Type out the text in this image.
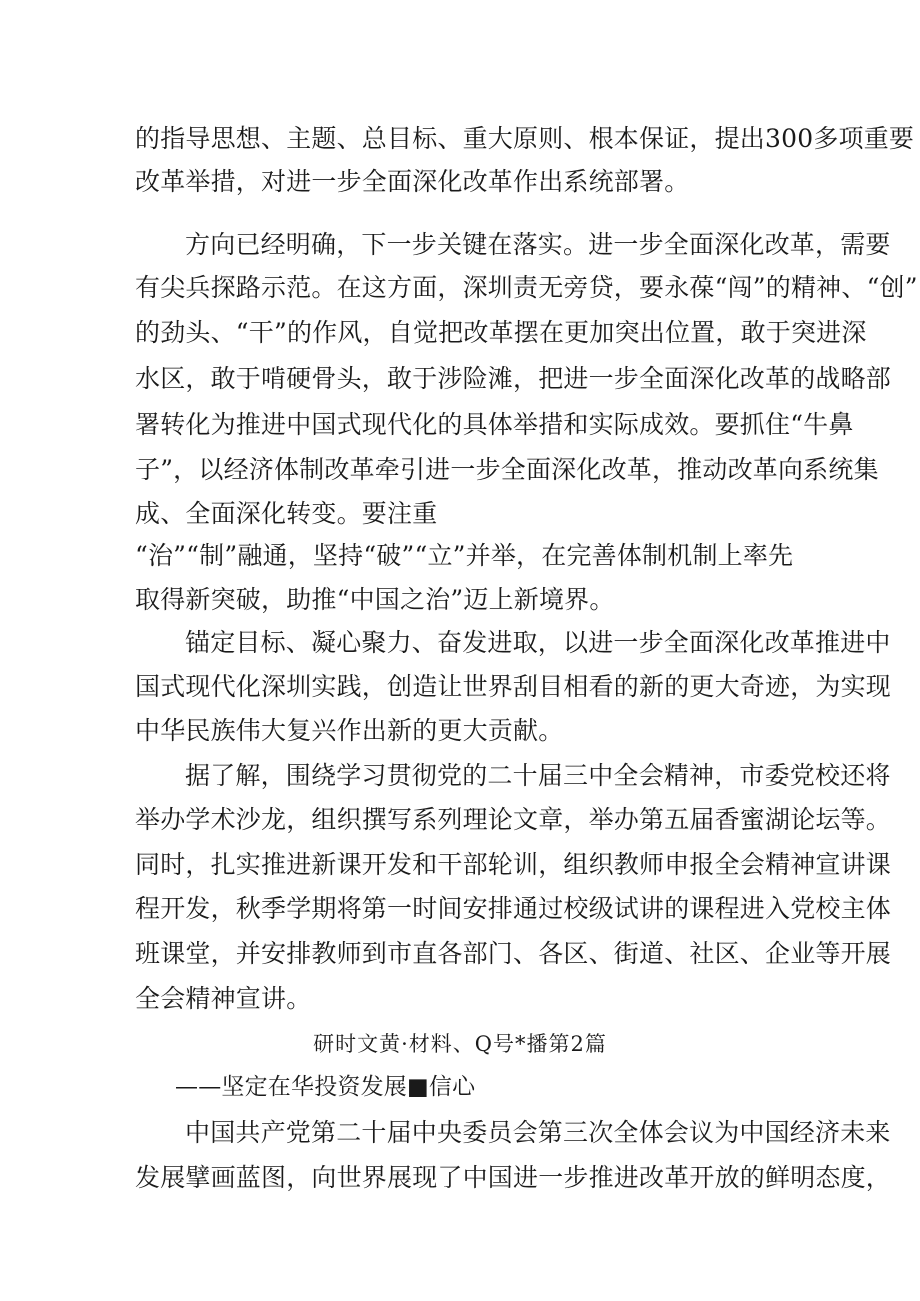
的指导思想、主题、总目标、重大原则、根本保证，提出300多项重要
改革举措，对进一步全面深化改革作出系统部署。
方向已经明确，下一步关键在落实。进一步全面深化改革，需要
有尖兵探路示范。在这方面，深圳责无旁贷，要永葆“闯”的精神、“创”
的劲头、“干”的作风，自觉把改革摆在更加突出位置，敢于突进深
水区，敢于啃硬骨头，敢于涉险滩，把进一步全面深化改革的战略部
署转化为推进中国式现代化的具体举措和实际成效。要抓住“牛鼻
子”，以经济体制改革牵引进一步全面深化改革，推动改革向系统集
成、全面深化转变。要注重
“治”“制”融通，坚持“破”“立”并举，在完善体制机制上率先
取得新突破，助推“中国之治”迈上新境界。
锚定目标、凝心聚力、奋发进取，以进一步全面深化改革推进中
国式现代化深圳实践，创造让世界刮目相看的新的更大奇迹，为实现
中华民族伟大复兴作出新的更大贡献。
据了解，围绕学习贯彻党的二十届三中全会精神，市委党校还将
举办学术沙龙，组织撰写系列理论文章，举办第五届香蜜湖论坛等。
同时，扎实推进新课开发和干部轮训，组织教师申报全会精神宣讲课
程开发，秋季学期将第一时间安排通过校级试讲的课程进入党校主体
班课堂，并安排教师到市直各部门、各区、街道、社区、企业等开展
全会精神宣讲。
研时文黄·材料、Q号*播第2篇
——坚定在华投资发展■信心
中国共产党第二十届中央委员会第三次全体会议为中国经济未来
发展擘画蓝图，向世界展现了中国进一步推进改革开放的鲜明态度，
